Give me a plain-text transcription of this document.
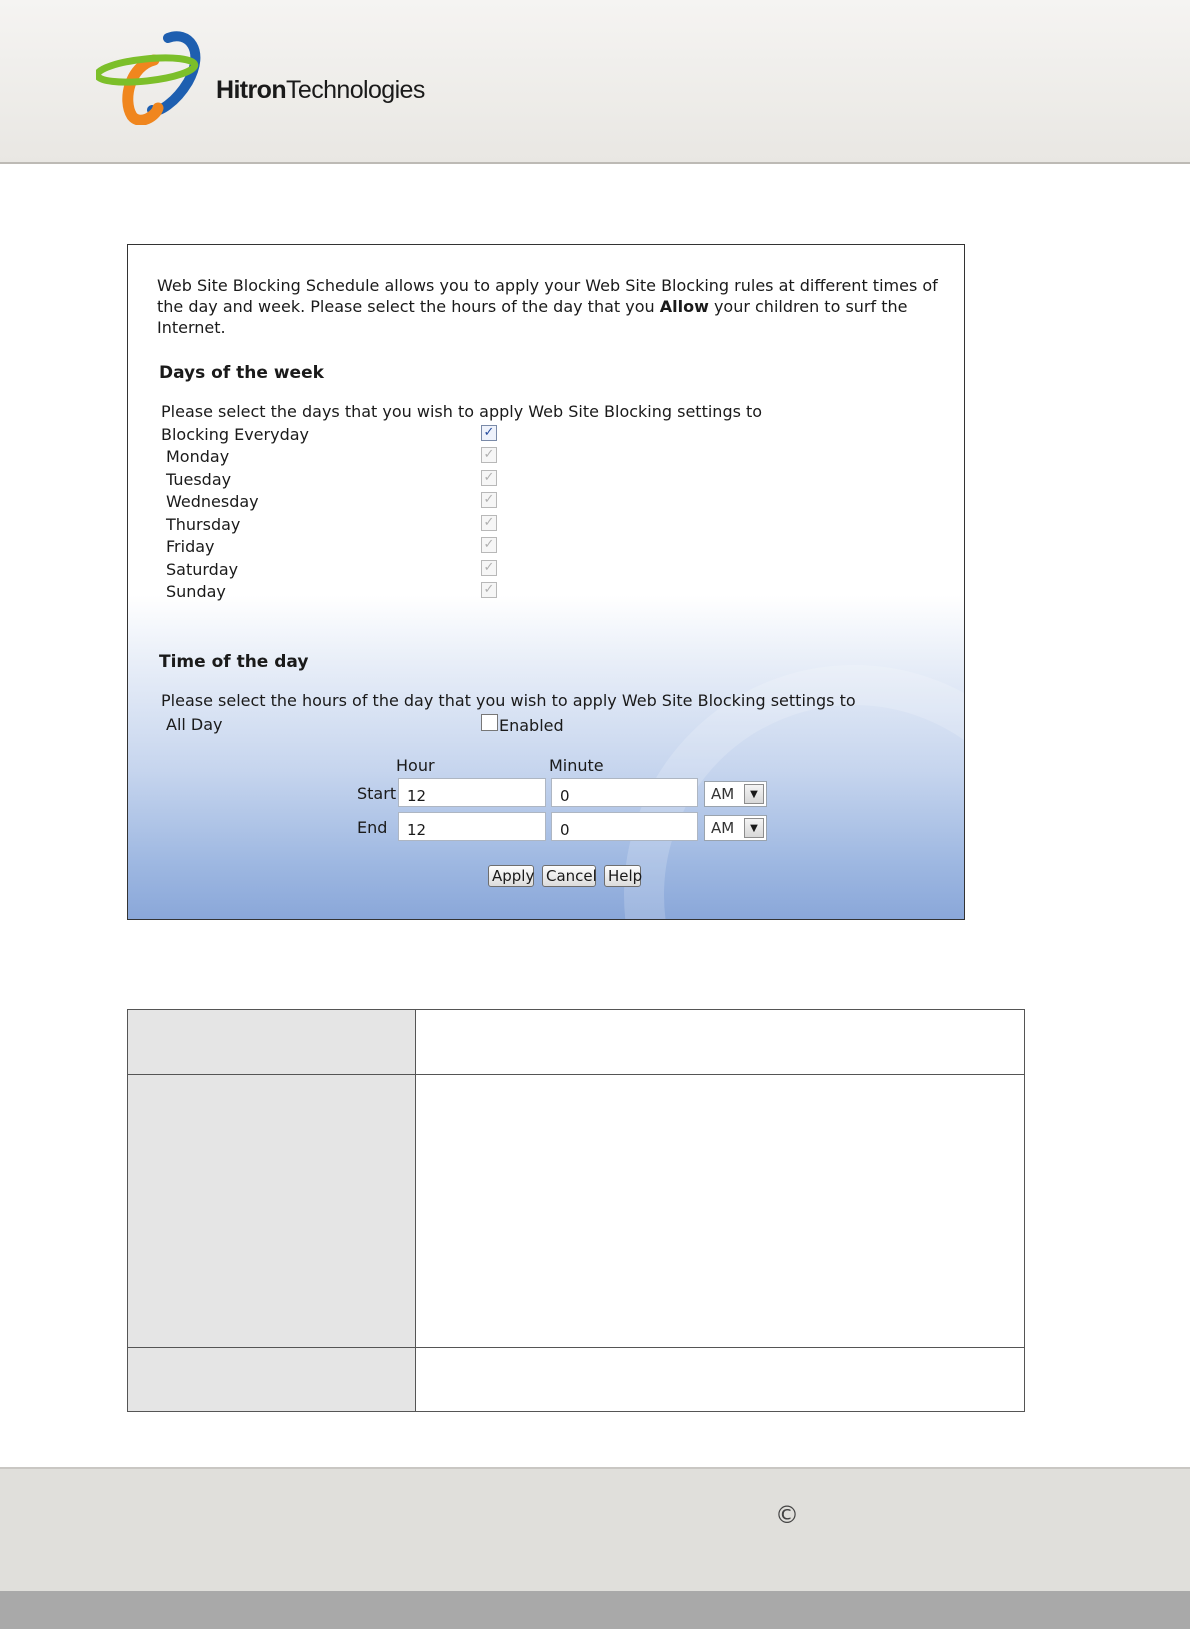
HitronTechnologies
Web Site Blocking Schedule allows you to apply your Web Site Blocking rules at different times of the day and week. Please select the hours of the day that you Allow your children to surf the Internet.
Days of the week
Please select the days that you wish to apply Web Site Blocking settings to
Blocking Everyday	✓
Monday	✓
Tuesday	✓
Wednesday	✓
Thursday	✓
Friday	✓
Saturday	✓
Sunday	✓
Time of the day
Please select the hours of the day that you wish to apply Web Site Blocking settings to
All Day	Enabled
Hour	Minute
Start 12	0	AM	▼
End	12	0	AM	▼
Apply Cancel Help
©
